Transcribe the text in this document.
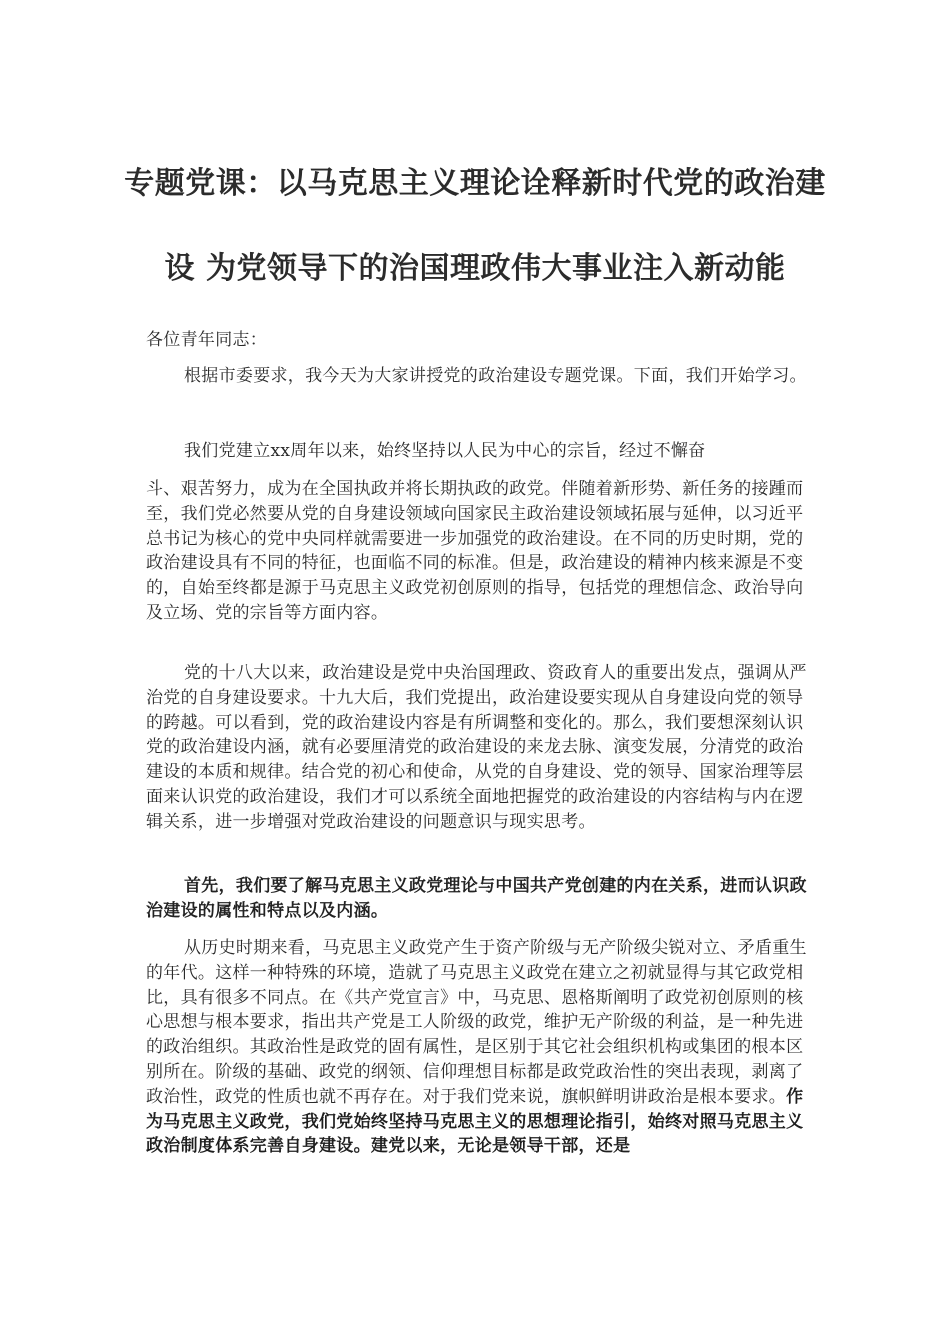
专题党课：以马克思主义理论诠释新时代党的政治建
设 为党领导下的治国理政伟大事业注入新动能
各位青年同志：
根据市委要求，我今天为大家讲授党的政治建设专题党课。下面，我们开始学习。
我们党建立xx周年以来，始终坚持以人民为中心的宗旨，经过不懈奋
斗、艰苦努力，成为在全国执政并将长期执政的政党。伴随着新形势、新任务的接踵而至，我们党必然要从党的自身建设领域向国家民主政治建设领域拓展与延伸，以习近平总书记为核心的党中央同样就需要进一步加强党的政治建设。在不同的历史时期，党的政治建设具有不同的特征，也面临不同的标准。但是，政治建设的精神内核来源是不变的，自始至终都是源于马克思主义政党初创原则的指导，包括党的理想信念、政治导向及立场、党的宗旨等方面内容。
党的十八大以来，政治建设是党中央治国理政、资政育人的重要出发点，强调从严治党的自身建设要求。十九大后，我们党提出，政治建设要实现从自身建设向党的领导的跨越。可以看到，党的政治建设内容是有所调整和变化的。那么，我们要想深刻认识党的政治建设内涵，就有必要厘清党的政治建设的来龙去脉、演变发展，分清党的政治建设的本质和规律。结合党的初心和使命，从党的自身建设、党的领导、国家治理等层面来认识党的政治建设，我们才可以系统全面地把握党的政治建设的内容结构与内在逻辑关系，进一步增强对党政治建设的问题意识与现实思考。
首先，我们要了解马克思主义政党理论与中国共产党创建的内在关系，进而认识政治建设的属性和特点以及内涵。
从历史时期来看，马克思主义政党产生于资产阶级与无产阶级尖锐对立、矛盾重生的年代。这样一种特殊的环境，造就了马克思主义政党在建立之初就显得与其它政党相比，具有很多不同点。在《共产党宣言》中，马克思、恩格斯阐明了政党初创原则的核心思想与根本要求，指出共产党是工人阶级的政党，维护无产阶级的利益，是一种先进的政治组织。其政治性是政党的固有属性，是区别于其它社会组织机构或集团的根本区别所在。阶级的基础、政党的纲领、信仰理想目标都是政党政治性的突出表现，剥离了政治性，政党的性质也就不再存在。对于我们党来说，旗帜鲜明讲政治是根本要求。作为马克思主义政党，我们党始终坚持马克思主义的思想理论指引，始终对照马克思主义政治制度体系完善自身建设。建党以来，无论是领导干部，还是
